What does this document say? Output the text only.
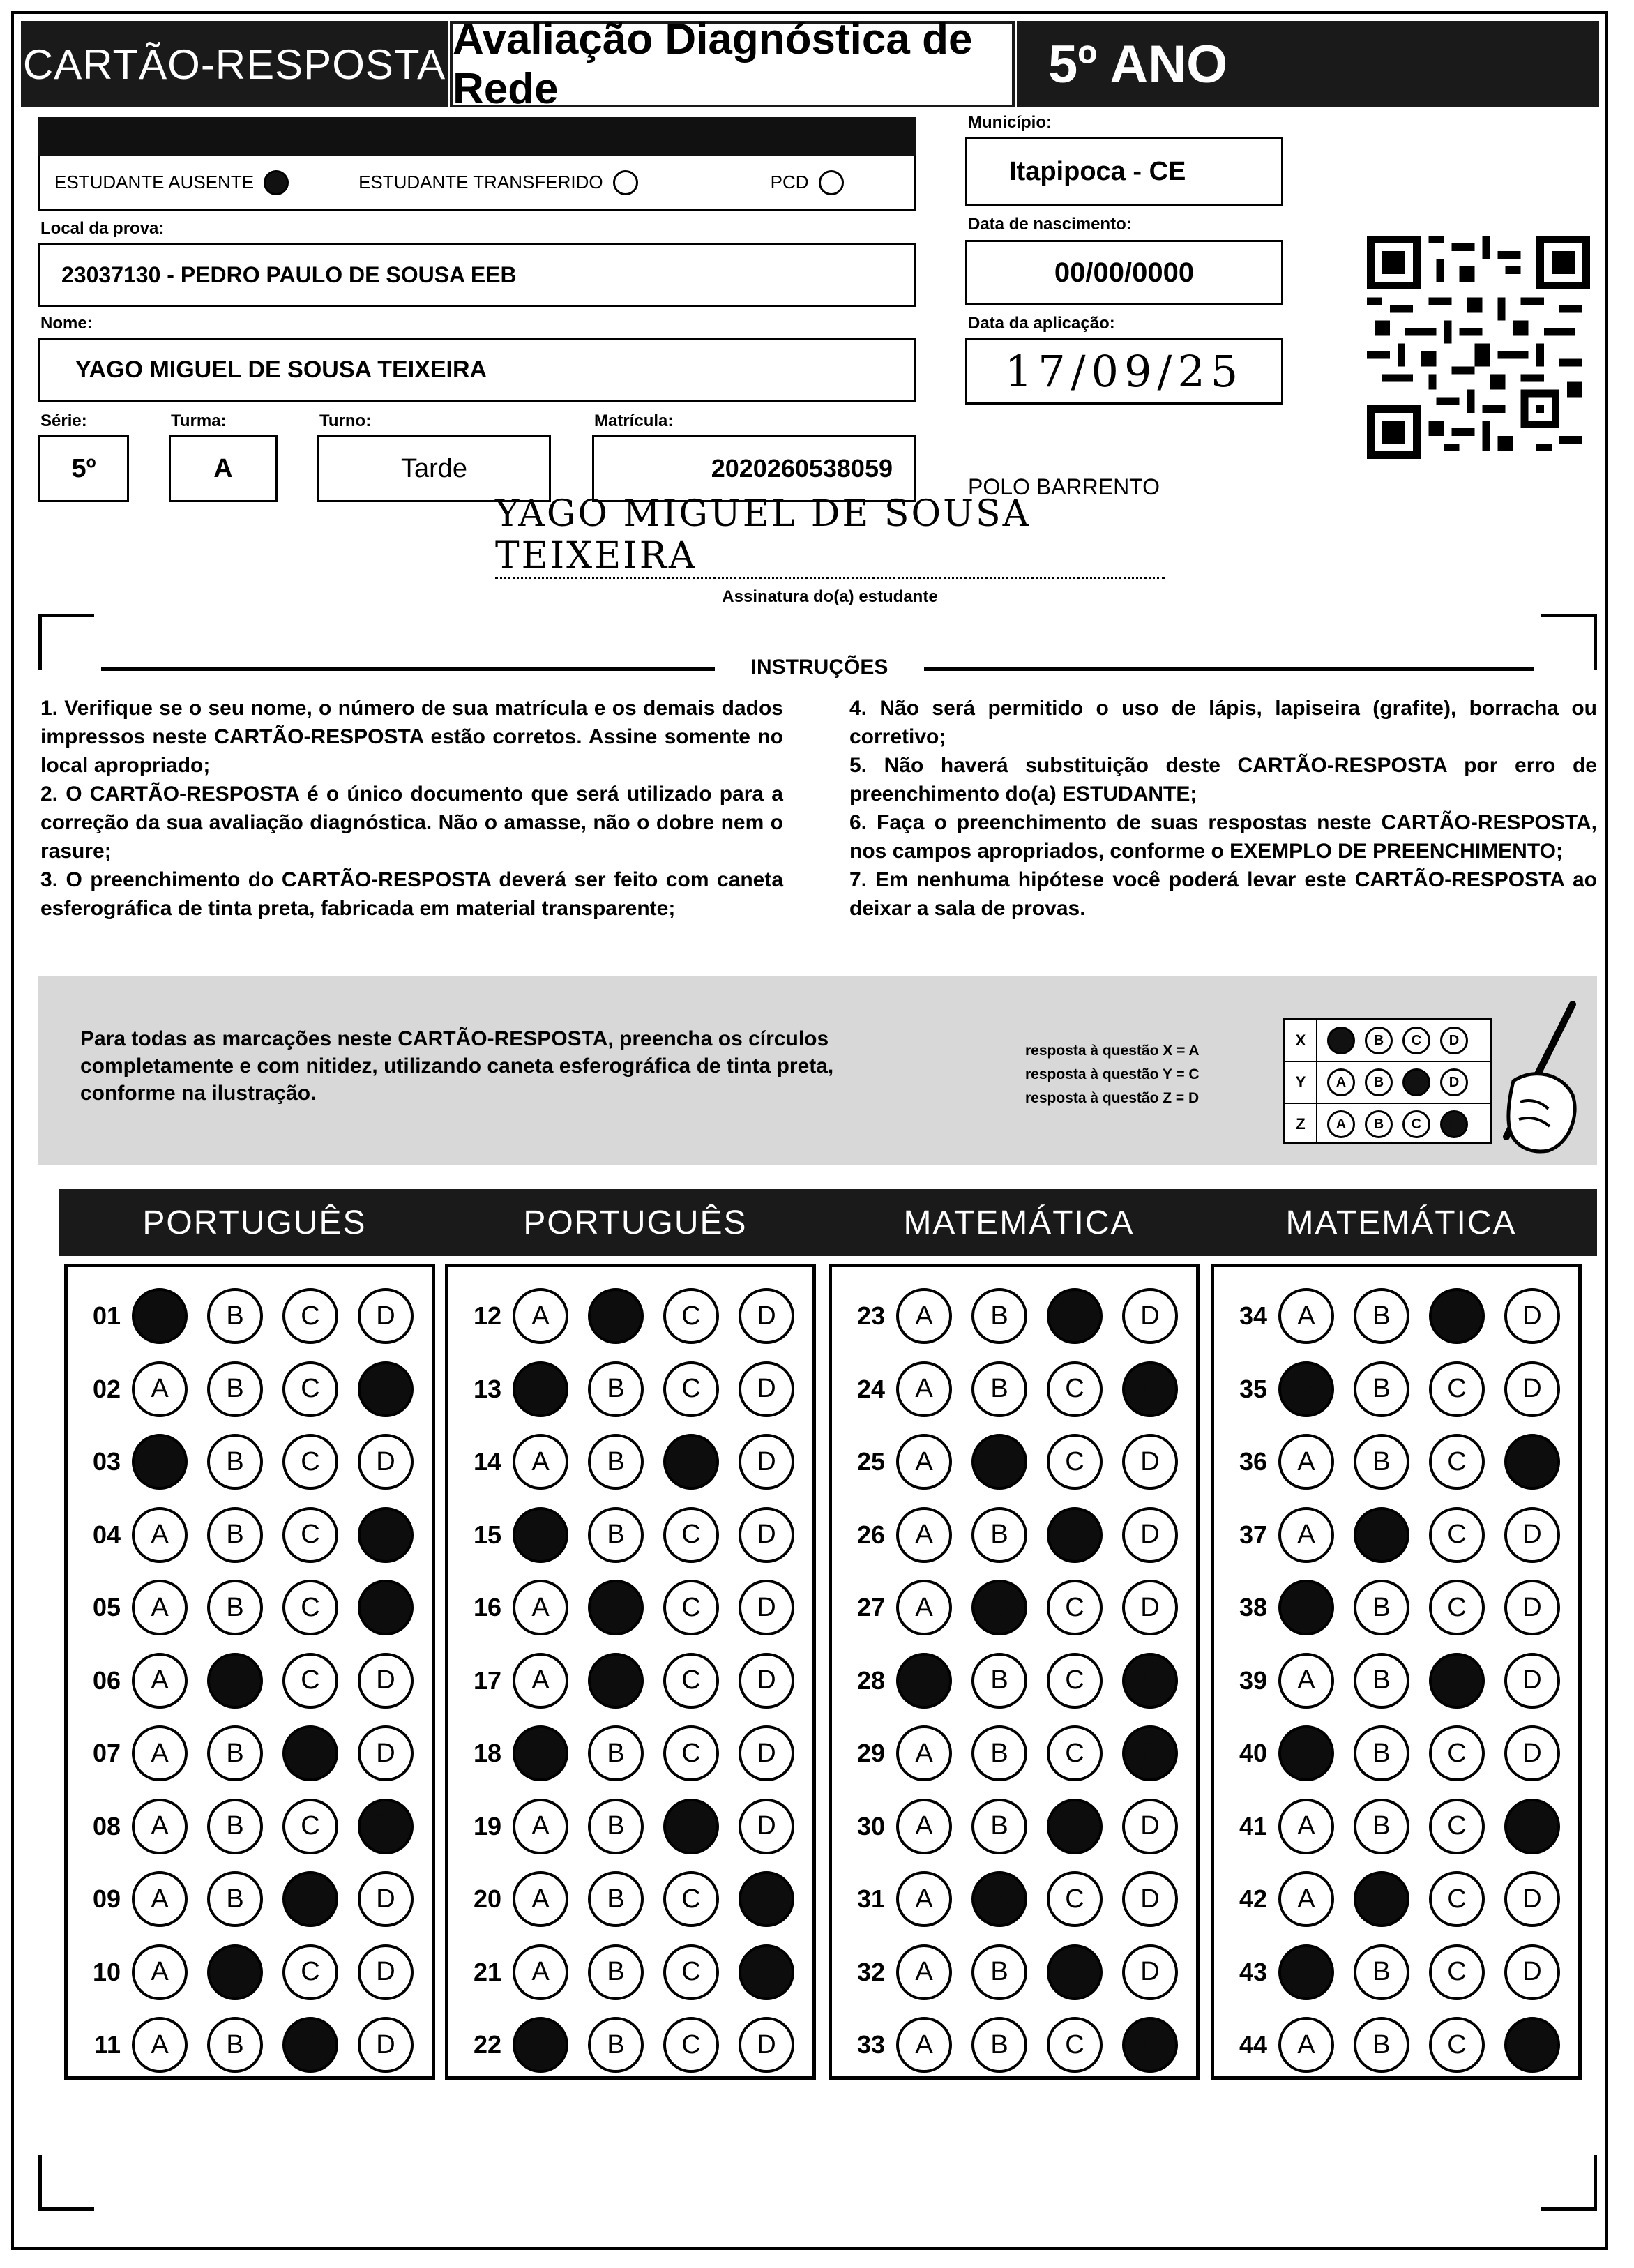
CARTÃO-RESPOSTA
Avaliação Diagnóstica de Rede	5º ANO
ESTUDANTE AUSENTE	ESTUDANTE TRANSFERIDO	PCD
Local da prova:
23037130 - PEDRO PAULO DE SOUSA EEB
Nome:
YAGO MIGUEL DE SOUSA TEIXEIRA
Série:
5º
Turma:
A
Turno:
Tarde
Matrícula:
2020260538059
Município:
Itapipoca - CE
Data de nascimento:
00/00/0000
Data da aplicação:
17/09/25
POLO BARRENTO
YAGO MIGUEL DE SOUSA TEIXEIRA
Assinatura do(a) estudante
INSTRUÇÕES

1. Verifique se o seu nome, o número de sua matrícula e os demais dados impressos neste CARTÃO-RESPOSTA estão corretos. Assine somente no local apropriado;

2. O CARTÃO-RESPOSTA é o único documento que será utilizado para a correção da sua avaliação diagnóstica. Não o amasse, não o dobre nem o rasure;

3. O preenchimento do CARTÃO-RESPOSTA deverá ser feito com caneta esferográfica de tinta preta, fabricada em material transparente;

4. Não será permitido o uso de lápis, lapiseira (grafite), borracha ou corretivo;

5. Não haverá substituição deste CARTÃO-RESPOSTA por erro de preenchimento do(a) ESTUDANTE;

6. Faça o preenchimento de suas respostas neste CARTÃO-RESPOSTA, nos campos apropriados, conforme o EXEMPLO DE PREENCHIMENTO;

7. Em nenhuma hipótese você poderá levar este CARTÃO-RESPOSTA ao deixar a sala de provas.

Para todas as marcações neste CARTÃO-RESPOSTA, preencha os círculos completamente e com nitidez, utilizando caneta esferográfica de tinta preta, conforme na ilustração.
resposta à questão X = A
resposta à questão Y = C
resposta à questão Z = D
X	A	B	C	D
Y	A	B	C	D
Z	A	B	C	D
PORTUGUÊS
01	A	B	C	D
02	A	B	C	D
03	A	B	C	D
04	A	B	C	D
05	A	B	C	D
06	A	B	C	D
07	A	B	C	D
08	A	B	C	D
09	A	B	C	D
10	A	B	C	D
11	A	B	C	D
PORTUGUÊS
12	A	B	C	D
13	A	B	C	D
14	A	B	C	D
15	A	B	C	D
16	A	B	C	D
17	A	B	C	D
18	A	B	C	D
19	A	B	C	D
20	A	B	C	D
21	A	B	C	D
22	A	B	C	D
MATEMÁTICA
23	A	B	C	D
24	A	B	C	D
25	A	B	C	D
26	A	B	C	D
27	A	B	C	D
28	A	B	C	D
29	A	B	C	D
30	A	B	C	D
31	A	B	C	D
32	A	B	C	D
33	A	B	C	D
MATEMÁTICA
34	A	B	C	D
35	A	B	C	D
36	A	B	C	D
37	A	B	C	D
38	A	B	C	D
39	A	B	C	D
40	A	B	C	D
41	A	B	C	D
42	A	B	C	D
43	A	B	C	D
44	A	B	C	D
